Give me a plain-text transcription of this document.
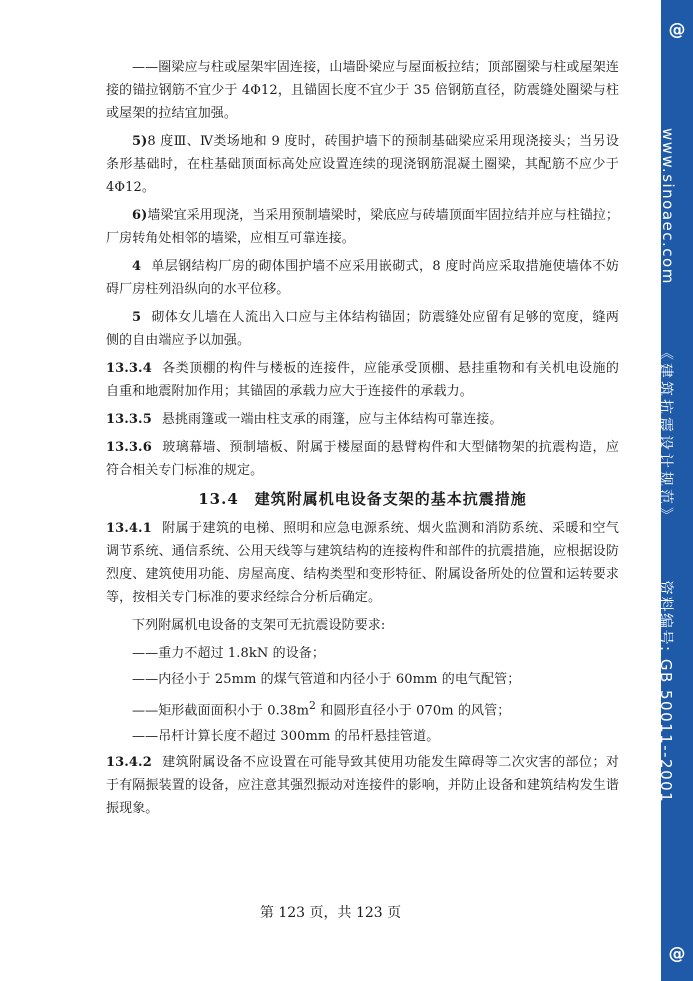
——圈梁应与柱或屋架牢固连接，山墙卧梁应与屋面板拉结；顶部圈梁与柱或屋架连接的锚拉钢筋不宜少于 4Φ12，且锚固长度不宜少于 35 倍钢筋直径，防震缝处圈梁与柱或屋架的拉结宜加强。

5)8 度Ⅲ、Ⅳ类场地和 9 度时，砖围护墙下的预制基础梁应采用现浇接头；当另设条形基础时，在柱基础顶面标高处应设置连续的现浇钢筋混凝土圈梁，其配筋不应少于 4Φ12。

6)墙梁宜采用现浇，当采用预制墙梁时，梁底应与砖墙顶面牢固拉结并应与柱锚拉；厂房转角处相邻的墙梁，应相互可靠连接。

4 单层钢结构厂房的砌体围护墙不应采用嵌砌式，8 度时尚应采取措施使墙体不妨碍厂房柱列沿纵向的水平位移。

5 砌体女儿墙在人流出入口应与主体结构锚固；防震缝处应留有足够的宽度，缝两侧的自由端应予以加强。

13.3.4 各类顶棚的构件与楼板的连接件，应能承受顶棚、悬挂重物和有关机电设施的自重和地震附加作用；其锚固的承载力应大于连接件的承载力。

13.3.5 悬挑雨篷或一端由柱支承的雨篷，应与主体结构可靠连接。

13.3.6 玻璃幕墙、预制墙板、附属于楼屋面的悬臂构件和大型储物架的抗震构造，应符合相关专门标准的规定。

13.4 建筑附属机电设备支架的基本抗震措施

13.4.1 附属于建筑的电梯、照明和应急电源系统、烟火监测和消防系统、采暖和空气调节系统、通信系统、公用天线等与建筑结构的连接构件和部件的抗震措施，应根据设防烈度、建筑使用功能、房屋高度、结构类型和变形特征、附属设备所处的位置和运转要求等，按相关专门标准的要求经综合分析后确定。

下列附属机电设备的支架可无抗震设防要求:

——重力不超过 1.8kN 的设备；

——内径小于 25mm 的煤气管道和内径小于 60mm 的电气配管；

——矩形截面面积小于 $0.38m^2$ 和圆形直径小于 070m 的风管；

——吊杆计算长度不超过 300mm 的吊杆悬挂管道。

13.4.2 建筑附属设备不应设置在可能导致其使用功能发生障碍等二次灾害的部位；对于有隔振装置的设备，应注意其强烈振动对连接件的影响，并防止设备和建筑结构发生谐振现象。

第 123 页，共 123 页
@
www.sinoaec.com
《建筑抗震设计规范》
资料编号: GB 50011--2001
@
